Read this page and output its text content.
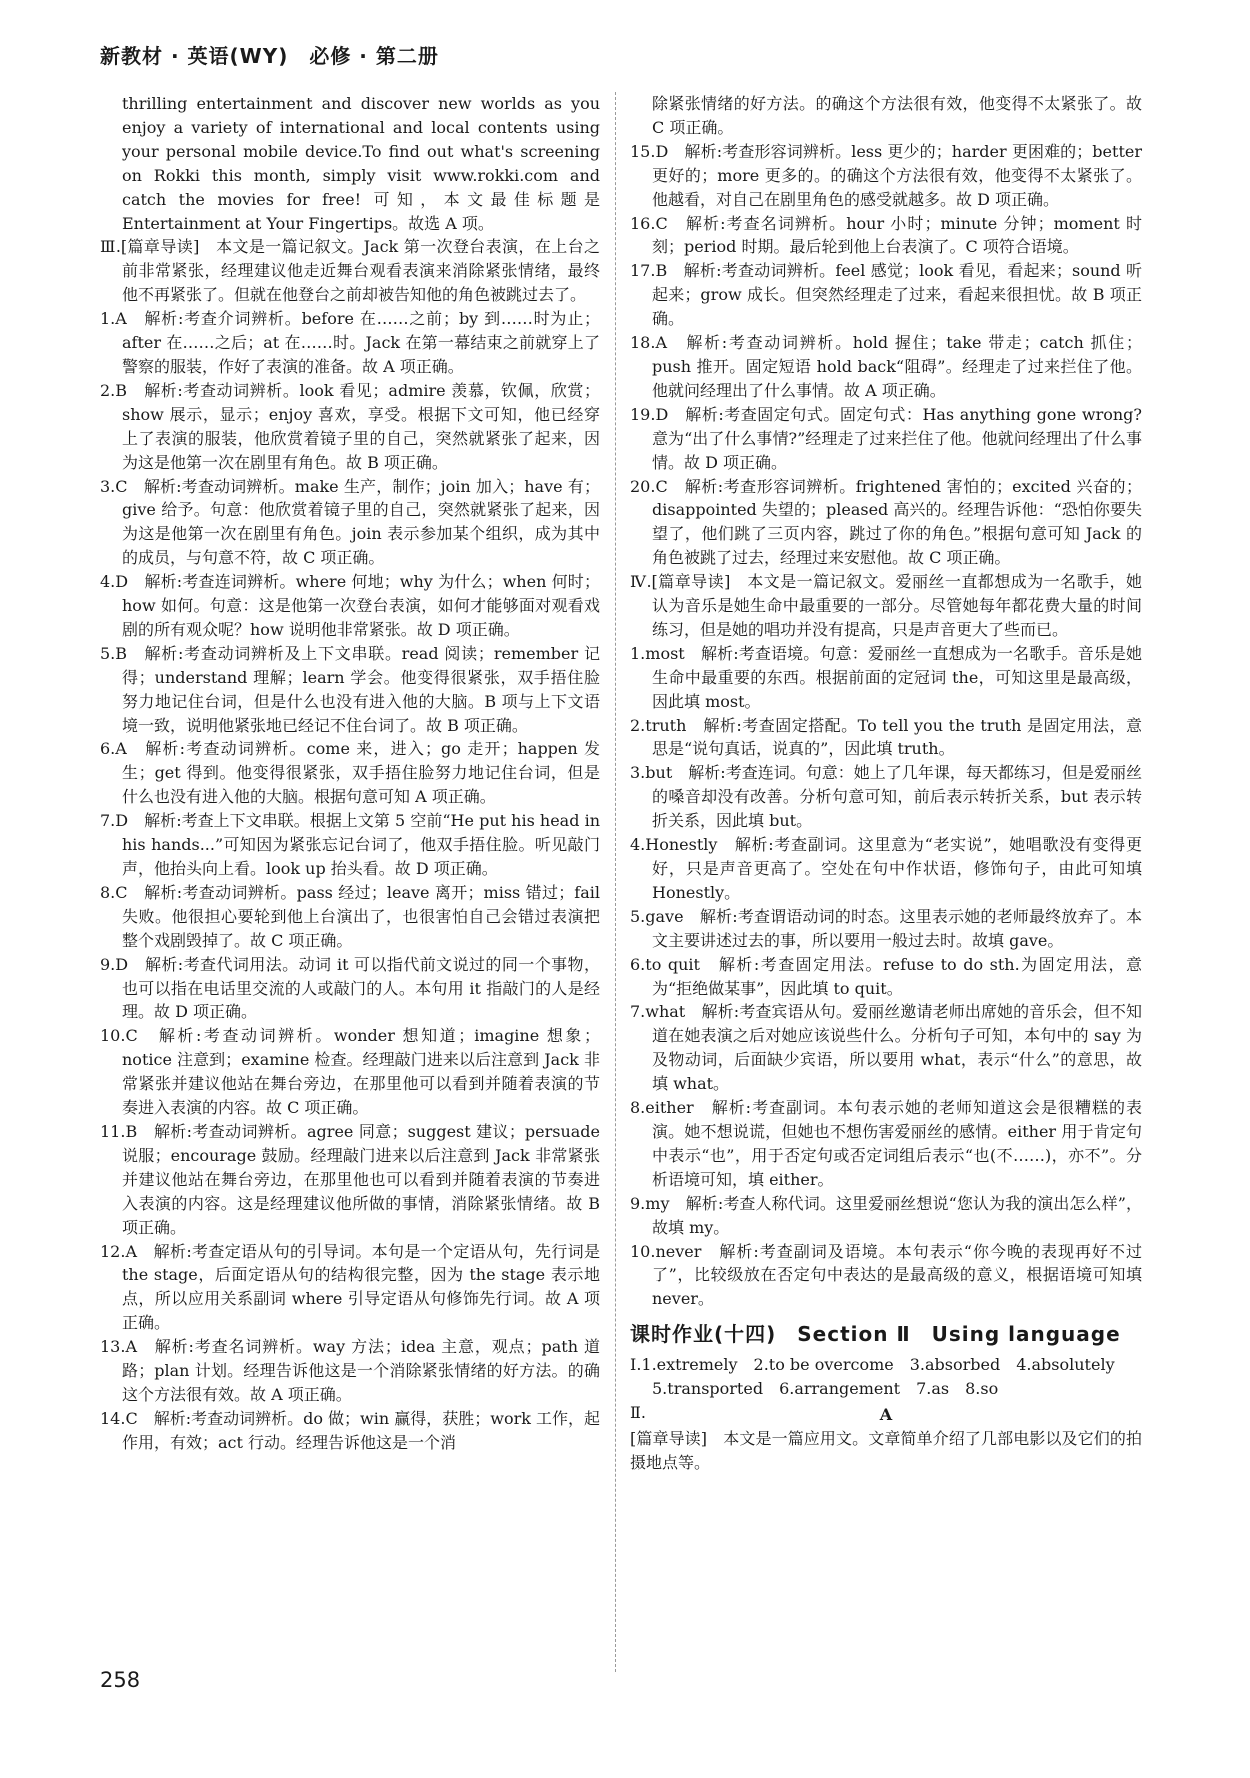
新教材 · 英语(WY)　必修 · 第二册
thrilling entertainment and discover new worlds as you enjoy a variety of international and local contents using your personal mobile device.To find out what's screening on Rokki this month, simply visit www.rokki.com and catch the movies for free! 可知，本文最佳标题是 Entertainment at Your Fingertips。故选 A 项。
Ⅲ.[篇章导读]　本文是一篇记叙文。Jack 第一次登台表演，在上台之前非常紧张，经理建议他走近舞台观看表演来消除紧张情绪，最终他不再紧张了。但就在他登台之前却被告知他的角色被跳过去了。
1.A　解析:考查介词辨析。before 在……之前；by 到……时为止；after 在……之后；at 在……时。Jack 在第一幕结束之前就穿上了警察的服装，作好了表演的准备。故 A 项正确。
2.B　解析:考查动词辨析。look 看见；admire 羡慕，钦佩，欣赏；show 展示，显示；enjoy 喜欢，享受。根据下文可知，他已经穿上了表演的服装，他欣赏着镜子里的自己，突然就紧张了起来，因为这是他第一次在剧里有角色。故 B 项正确。
3.C　解析:考查动词辨析。make 生产，制作；join 加入；have 有；give 给予。句意：他欣赏着镜子里的自己，突然就紧张了起来，因为这是他第一次在剧里有角色。join 表示参加某个组织，成为其中的成员，与句意不符，故 C 项正确。
4.D　解析:考查连词辨析。where 何地；why 为什么；when 何时；how 如何。句意：这是他第一次登台表演，如何才能够面对观看戏剧的所有观众呢？how 说明他非常紧张。故 D 项正确。
5.B　解析:考查动词辨析及上下文串联。read 阅读；remember 记得；understand 理解；learn 学会。他变得很紧张，双手捂住脸努力地记住台词，但是什么也没有进入他的大脑。B 项与上下文语境一致，说明他紧张地已经记不住台词了。故 B 项正确。
6.A　解析:考查动词辨析。come 来，进入；go 走开；happen 发生；get 得到。他变得很紧张，双手捂住脸努力地记住台词，但是什么也没有进入他的大脑。根据句意可知 A 项正确。
7.D　解析:考查上下文串联。根据上文第 5 空前“He put his head in his hands...”可知因为紧张忘记台词了，他双手捂住脸。听见敲门声，他抬头向上看。look up 抬头看。故 D 项正确。
8.C　解析:考查动词辨析。pass 经过；leave 离开；miss 错过；fail 失败。他很担心要轮到他上台演出了，也很害怕自己会错过表演把整个戏剧毁掉了。故 C 项正确。
9.D　解析:考查代词用法。动词 it 可以指代前文说过的同一个事物，也可以指在电话里交流的人或敲门的人。本句用 it 指敲门的人是经理。故 D 项正确。
10.C　解析:考查动词辨析。wonder 想知道；imagine 想象；notice 注意到；examine 检查。经理敲门进来以后注意到 Jack 非常紧张并建议他站在舞台旁边，在那里他可以看到并随着表演的节奏进入表演的内容。故 C 项正确。
11.B　解析:考查动词辨析。agree 同意；suggest 建议；persuade 说服；encourage 鼓励。经理敲门进来以后注意到 Jack 非常紧张并建议他站在舞台旁边，在那里他也可以看到并随着表演的节奏进入表演的内容。这是经理建议他所做的事情，消除紧张情绪。故 B 项正确。
12.A　解析:考查定语从句的引导词。本句是一个定语从句，先行词是 the stage，后面定语从句的结构很完整，因为 the stage 表示地点，所以应用关系副词 where 引导定语从句修饰先行词。故 A 项正确。
13.A　解析:考查名词辨析。way 方法；idea 主意，观点；path 道路；plan 计划。经理告诉他这是一个消除紧张情绪的好方法。的确这个方法很有效。故 A 项正确。
14.C　解析:考查动词辨析。do 做；win 赢得，获胜；work 工作，起作用，有效；act 行动。经理告诉他这是一个消
除紧张情绪的好方法。的确这个方法很有效，他变得不太紧张了。故 C 项正确。
15.D　解析:考查形容词辨析。less 更少的；harder 更困难的；better 更好的；more 更多的。的确这个方法很有效，他变得不太紧张了。他越看，对自己在剧里角色的感受就越多。故 D 项正确。
16.C　解析:考查名词辨析。hour 小时；minute 分钟；moment 时刻；period 时期。最后轮到他上台表演了。C 项符合语境。
17.B　解析:考查动词辨析。feel 感觉；look 看见，看起来；sound 听起来；grow 成长。但突然经理走了过来，看起来很担忧。故 B 项正确。
18.A　解析:考查动词辨析。hold 握住；take 带走；catch 抓住；push 推开。固定短语 hold back“阻碍”。经理走了过来拦住了他。他就问经理出了什么事情。故 A 项正确。
19.D　解析:考查固定句式。固定句式：Has anything gone wrong? 意为“出了什么事情?”经理走了过来拦住了他。他就问经理出了什么事情。故 D 项正确。
20.C　解析:考查形容词辨析。frightened 害怕的；excited 兴奋的；disappointed 失望的；pleased 高兴的。经理告诉他：“恐怕你要失望了，他们跳了三页内容，跳过了你的角色。”根据句意可知 Jack 的角色被跳了过去，经理过来安慰他。故 C 项正确。
Ⅳ.[篇章导读]　本文是一篇记叙文。爱丽丝一直都想成为一名歌手，她认为音乐是她生命中最重要的一部分。尽管她每年都花费大量的时间练习，但是她的唱功并没有提高，只是声音更大了些而已。
1.most　解析:考查语境。句意：爱丽丝一直想成为一名歌手。音乐是她生命中最重要的东西。根据前面的定冠词 the，可知这里是最高级，因此填 most。
2.truth　解析:考查固定搭配。To tell you the truth 是固定用法，意思是“说句真话，说真的”，因此填 truth。
3.but　解析:考查连词。句意：她上了几年课，每天都练习，但是爱丽丝的嗓音却没有改善。分析句意可知，前后表示转折关系，but 表示转折关系，因此填 but。
4.Honestly　解析:考查副词。这里意为“老实说”，她唱歌没有变得更好，只是声音更高了。空处在句中作状语，修饰句子，由此可知填 Honestly。
5.gave　解析:考查谓语动词的时态。这里表示她的老师最终放弃了。本文主要讲述过去的事，所以要用一般过去时。故填 gave。
6.to quit　解析:考查固定用法。refuse to do sth.为固定用法，意为“拒绝做某事”，因此填 to quit。
7.what　解析:考查宾语从句。爱丽丝邀请老师出席她的音乐会，但不知道在她表演之后对她应该说些什么。分析句子可知，本句中的 say 为及物动词，后面缺少宾语，所以要用 what，表示“什么”的意思，故填 what。
8.either　解析:考查副词。本句表示她的老师知道这会是很糟糕的表演。她不想说谎，但她也不想伤害爱丽丝的感情。either 用于肯定句中表示“也”，用于否定句或否定词组后表示“也(不……)，亦不”。分析语境可知，填 either。
9.my　解析:考查人称代词。这里爱丽丝想说“您认为我的演出怎么样”，故填 my。
10.never　解析:考查副词及语境。本句表示“你今晚的表现再好不过了”，比较级放在否定句中表达的是最高级的意义，根据语境可知填 never。
课时作业(十四)　Section Ⅱ　Using language
Ⅰ.1.extremely　2.to be overcome　3.absorbed　4.absolutely
5.transported　6.arrangement　7.as　8.so
Ⅱ.	A
[篇章导读]　本文是一篇应用文。文章简单介绍了几部电影以及它们的拍摄地点等。
258
